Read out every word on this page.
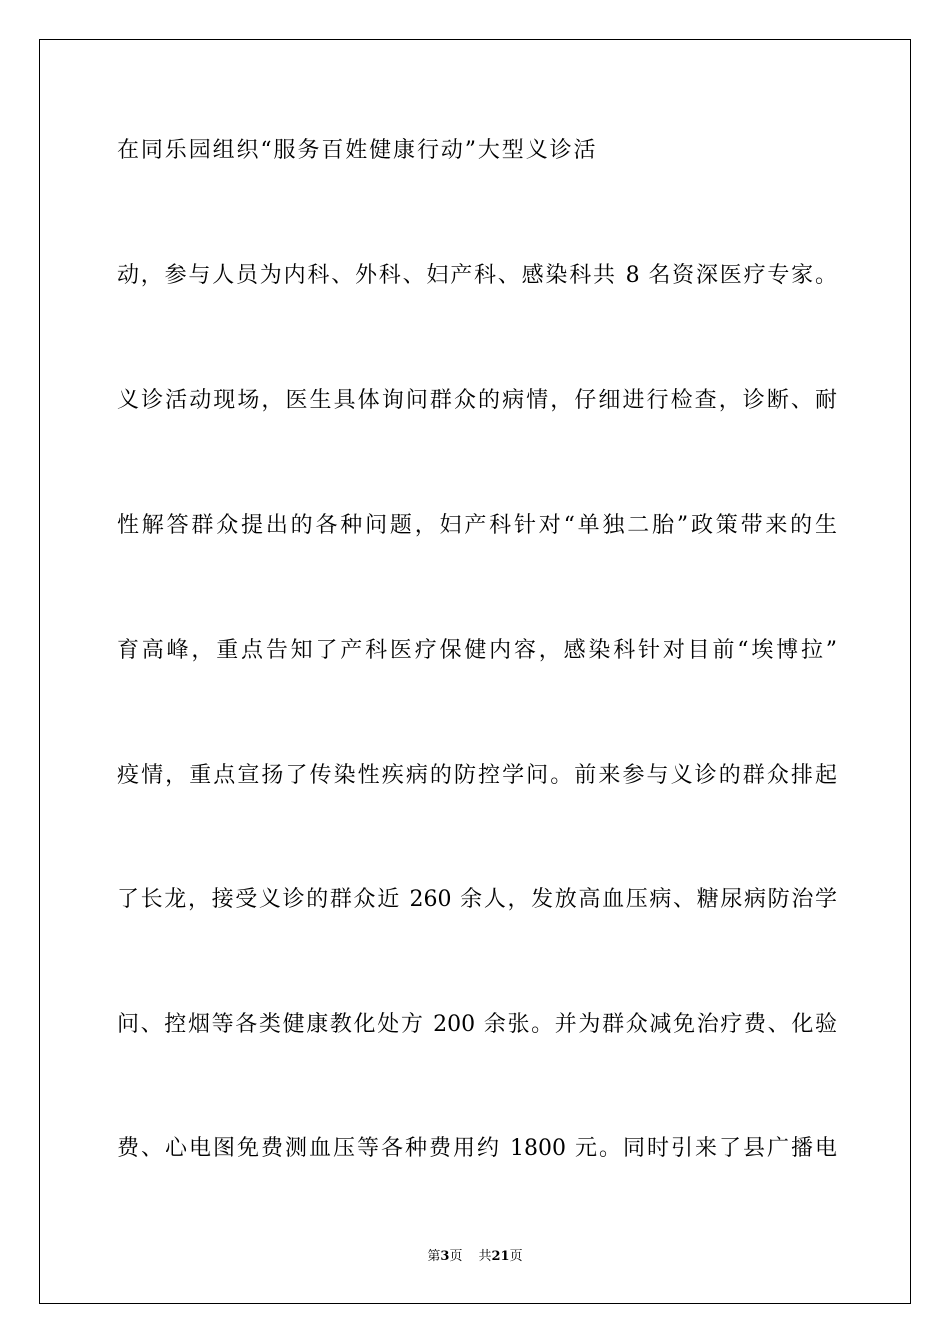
在同乐园组织“服务百姓健康行动”大型义诊活
动，参与人员为内科、外科、妇产科、感染科共 8 名资深医疗专家。
义诊活动现场，医生具体询问群众的病情，仔细进行检查，诊断、耐
性解答群众提出的各种问题，妇产科针对“单独二胎”政策带来的生
育高峰，重点告知了产科医疗保健内容，感染科针对目前“埃博拉”
疫情，重点宣扬了传染性疾病的防控学问。前来参与义诊的群众排起
了长龙，接受义诊的群众近 260 余人，发放高血压病、糖尿病防治学
问、控烟等各类健康教化处方 200 余张。并为群众减免治疗费、化验
费、心电图免费测血压等各种费用约 1800 元。同时引来了县广播电
第3页 共21页
